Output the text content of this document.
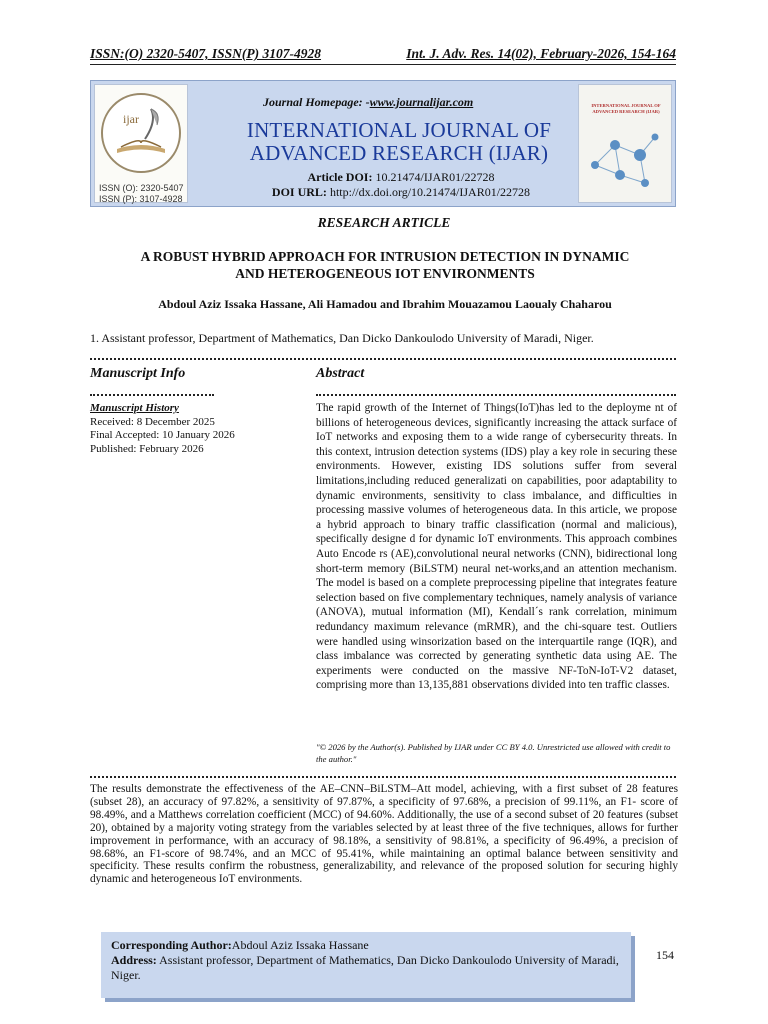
ISSN:(O) 2320-5407, ISSN(P) 3107-4928	Int. J. Adv. Res. 14(02), February-2026, 154-164
ijar
ISSN (O): 2320-5407
ISSN (P): 3107-4928
Journal Homepage: -www.journalijar.com
INTERNATIONAL JOURNAL OF
ADVANCED RESEARCH (IJAR)
Article DOI: 10.21474/IJAR01/22728
DOI URL: http://dx.doi.org/10.21474/IJAR01/22728
INTERNATIONAL JOURNAL OF ADVANCED RESEARCH (IJAR)
RESEARCH ARTICLE
A ROBUST HYBRID APPROACH FOR INTRUSION DETECTION IN DYNAMIC
AND HETEROGENEOUS IOT ENVIRONMENTS
Abdoul Aziz Issaka Hassane, Ali Hamadou and Ibrahim Mouazamou Laoualy Chaharou
1. Assistant professor, Department of Mathematics, Dan Dicko Dankoulodo University of Maradi, Niger.
Manuscript Info	Abstract
Manuscript History
Received: 8 December 2025
Final Accepted: 10 January 2026
Published: February 2026
The rapid growth of the Internet of Things(IoT)has led to the deployme nt of billions of heterogeneous devices, significantly increasing the attack surface of IoT networks and exposing them to a wide range of cybersecurity threats. In this context, intrusion detection systems (IDS) play a key role in securing these environments. However, existing IDS solutions suffer from several limitations,including reduced generalizati on capabilities, poor adaptability to dynamic environments, sensitivity to class imbalance, and difficulties in processing massive volumes of heterogeneous data. In this article, we propose a hybrid approach to binary traffic classification (normal and malicious), specifically designe d for dynamic IoT environments. This approach combines Auto Encode rs (AE),convolutional neural networks (CNN), bidirectional long short-term memory (BiLSTM) neural net-works,and an attention mechanism. The model is based on a complete preprocessing pipeline that integrates feature selection based on five complementary techniques, namely analysis of variance (ANOVA), mutual information (MI), Kendall´s rank correlation, minimum redundancy maximum relevance (mRMR), and the chi-square test. Outliers were handled using winsorization based on the interquartile range (IQR), and class imbalance was corrected by generating synthetic data using AE. The experiments were conducted on the massive NF-ToN-IoT-V2 dataset, comprising more than 13,135,881 observations divided into ten traffic classes.
"© 2026 by the Author(s). Published by IJAR under CC BY 4.0. Unrestricted use allowed with credit to the author."
The results demonstrate the effectiveness of the AE–CNN–BiLSTM–Att model, achieving, with a first subset of 28 features (subset 28), an accuracy of 97.82%, a sensitivity of 97.87%, a specificity of 97.68%, a precision of 99.11%, an F1- score of 98.49%, and a Matthews correlation coefficient (MCC) of 94.60%. Additionally, the use of a second subset of 20 features (subset 20), obtained by a majority voting strategy from the variables selected by at least three of the five techniques, allows for further improvement in performance, with an accuracy of 98.18%, a sensitivity of 98.81%, a specificity of 96.49%, a precision of 98.68%, an F1-score of 98.74%, and an MCC of 95.41%, while maintaining an optimal balance between sensitivity and specificity. These results confirm the robustness, generalizability, and relevance of the proposed solution for securing highly dynamic and heterogeneous IoT environments.
Corresponding Author:Abdoul Aziz Issaka Hassane
Address: Assistant professor, Department of Mathematics, Dan Dicko Dankoulodo University of Maradi, Niger.
154
